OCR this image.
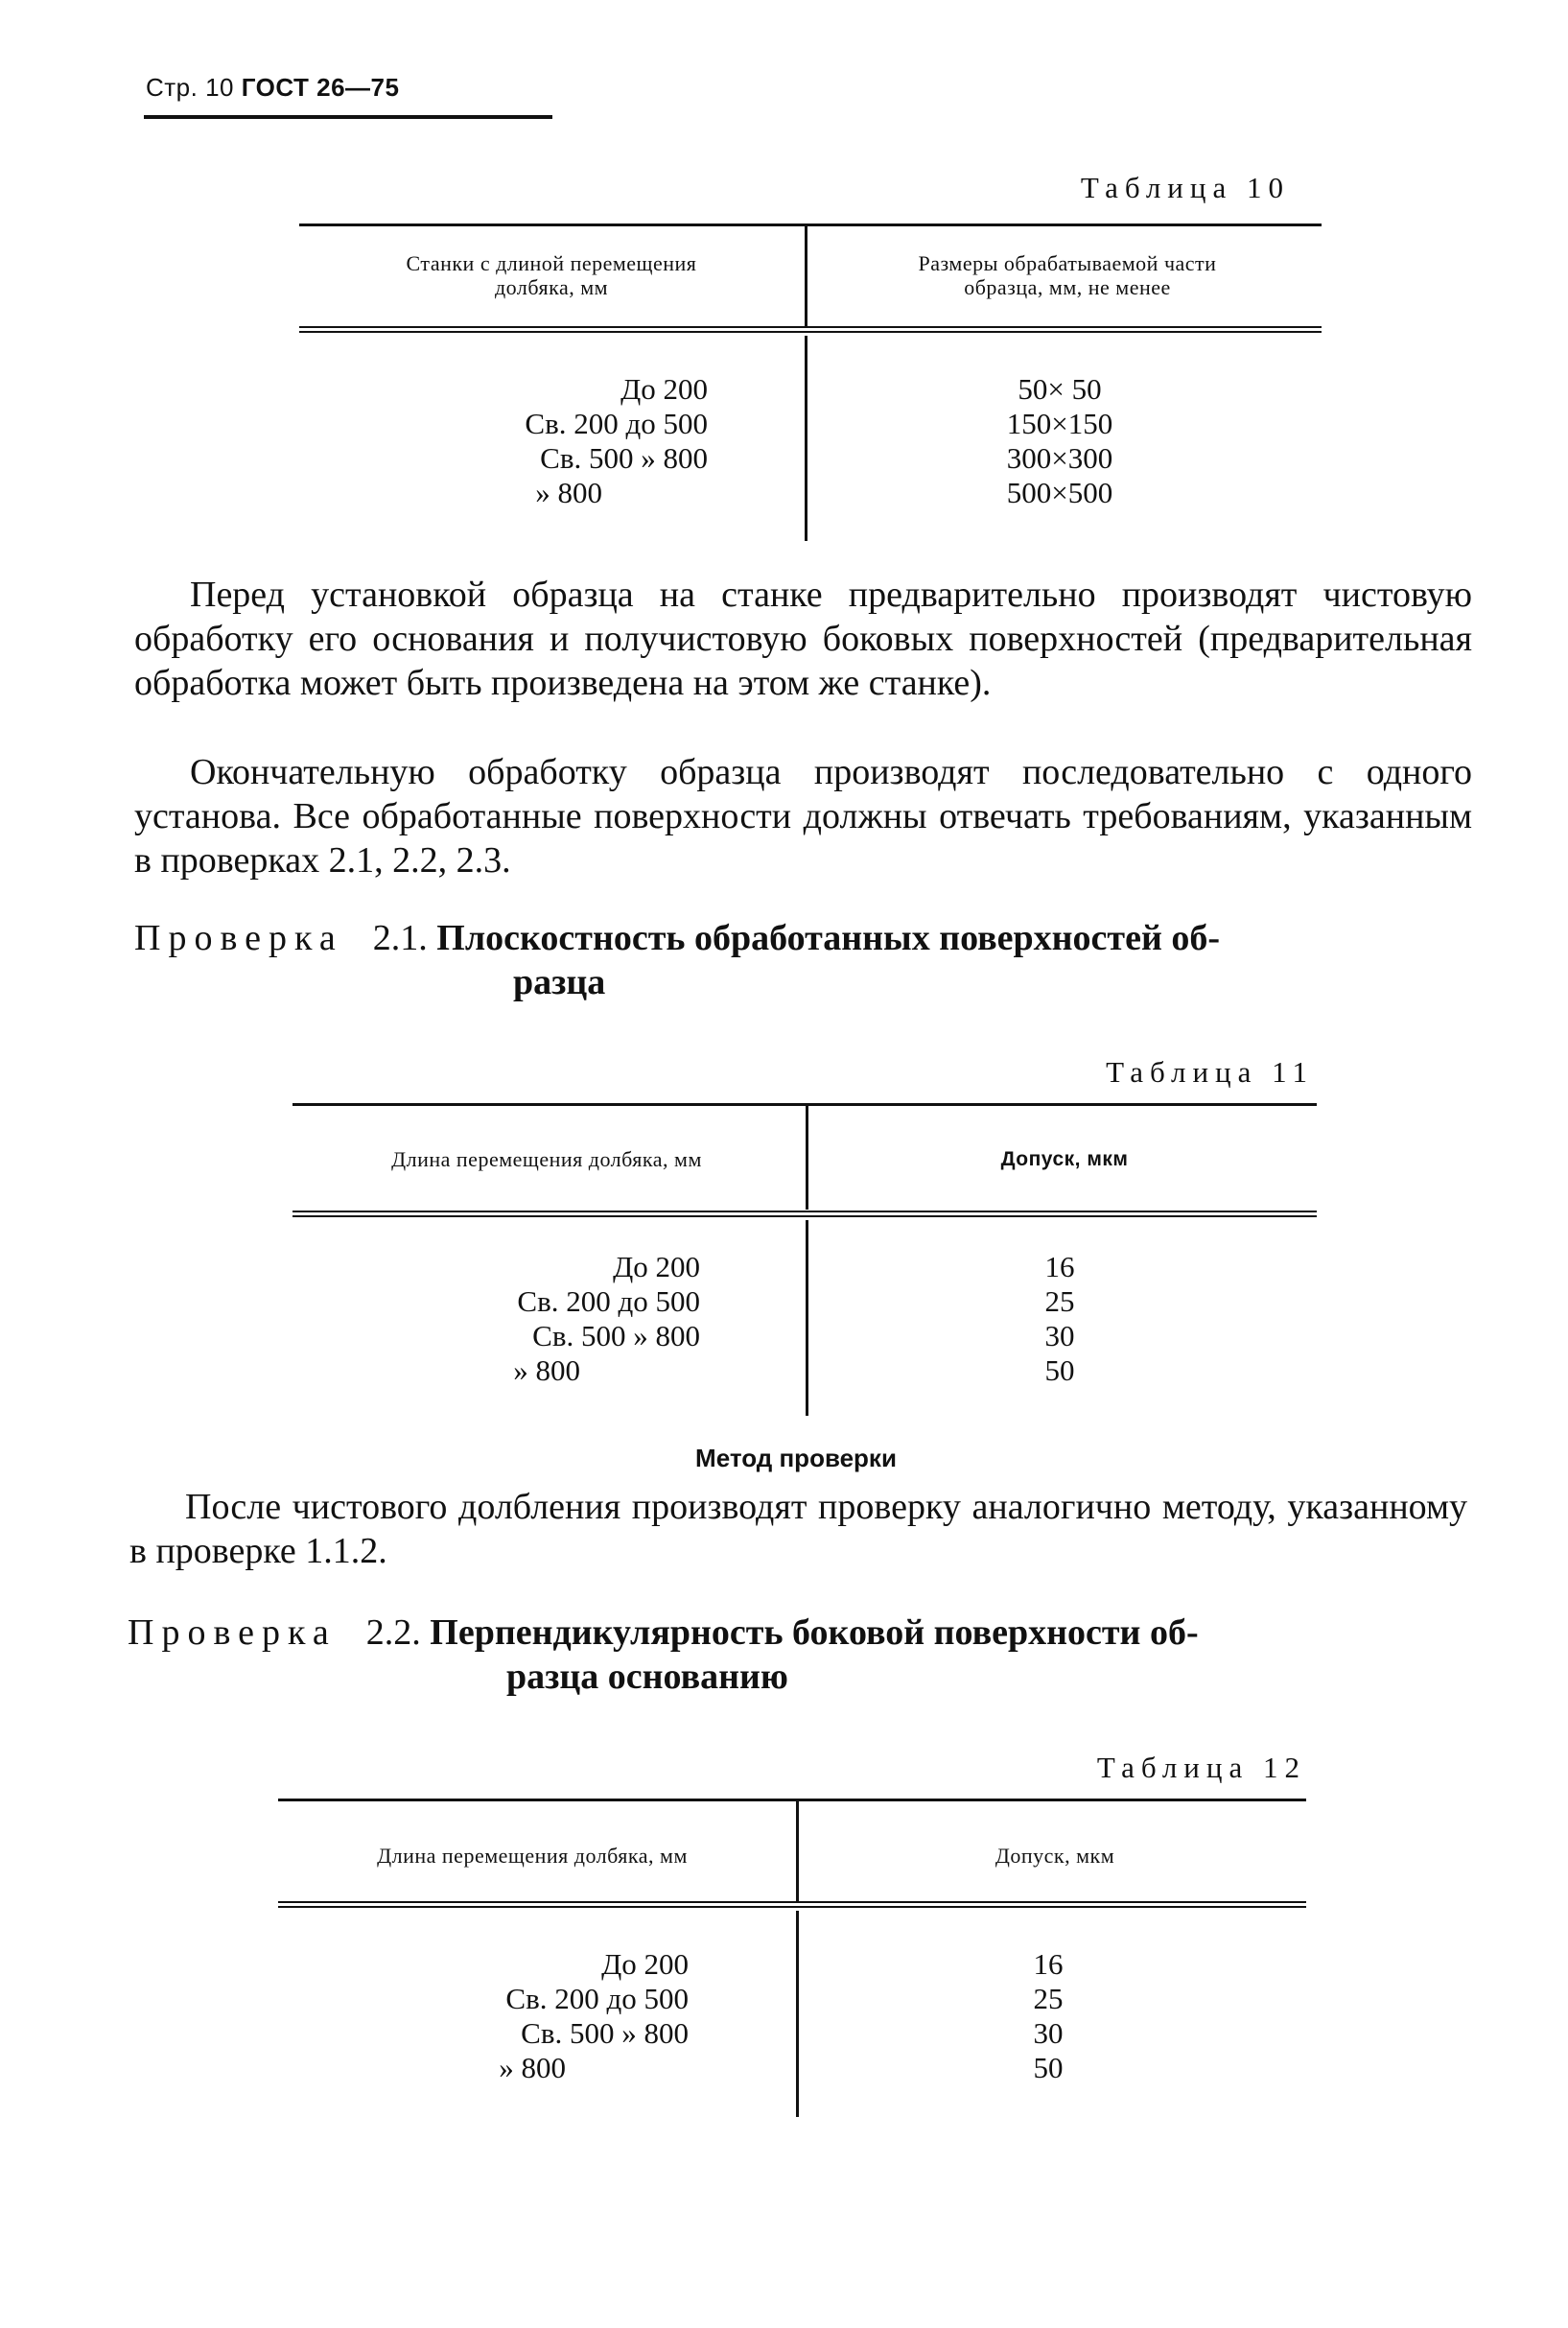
Стр. 10 ГОСТ 26—75
Таблица 10
Станки с длиной перемещения
долбяка, мм
Размеры обрабатываемой части
образца, мм, не менее
До 200
Св. 200 до 500
Св. 500 » 800
» 800
50× 50
150×150
300×300
500×500
Перед установкой образца на станке предварительно производят чистовую обработку его основания и получистовую боковых поверхностей (предварительная обработка может быть произведена на этом же станке).
Окончательную обработку образца производят последовательно с одного установа. Все обработанные поверхности должны отвечать требованиям, указанным в проверках 2.1, 2.2, 2.3.
Проверка 2.1. Плоскостность обработанных поверхностей об-
разца
Таблица 11
Длина перемещения долбяка, мм	Допуск, мкм
До 200
Св. 200 до 500
Св. 500 » 800
» 800
16
25
30
50
Метод проверки
После чистового долбления производят проверку аналогично методу, указанному в проверке 1.1.2.
Проверка 2.2. Перпендикулярность боковой поверхности об-
разца основанию
Таблица 12
Длина перемещения долбяка, мм	Допуск, мкм
До 200
Св. 200 до 500
Св. 500 » 800
» 800
16
25
30
50
